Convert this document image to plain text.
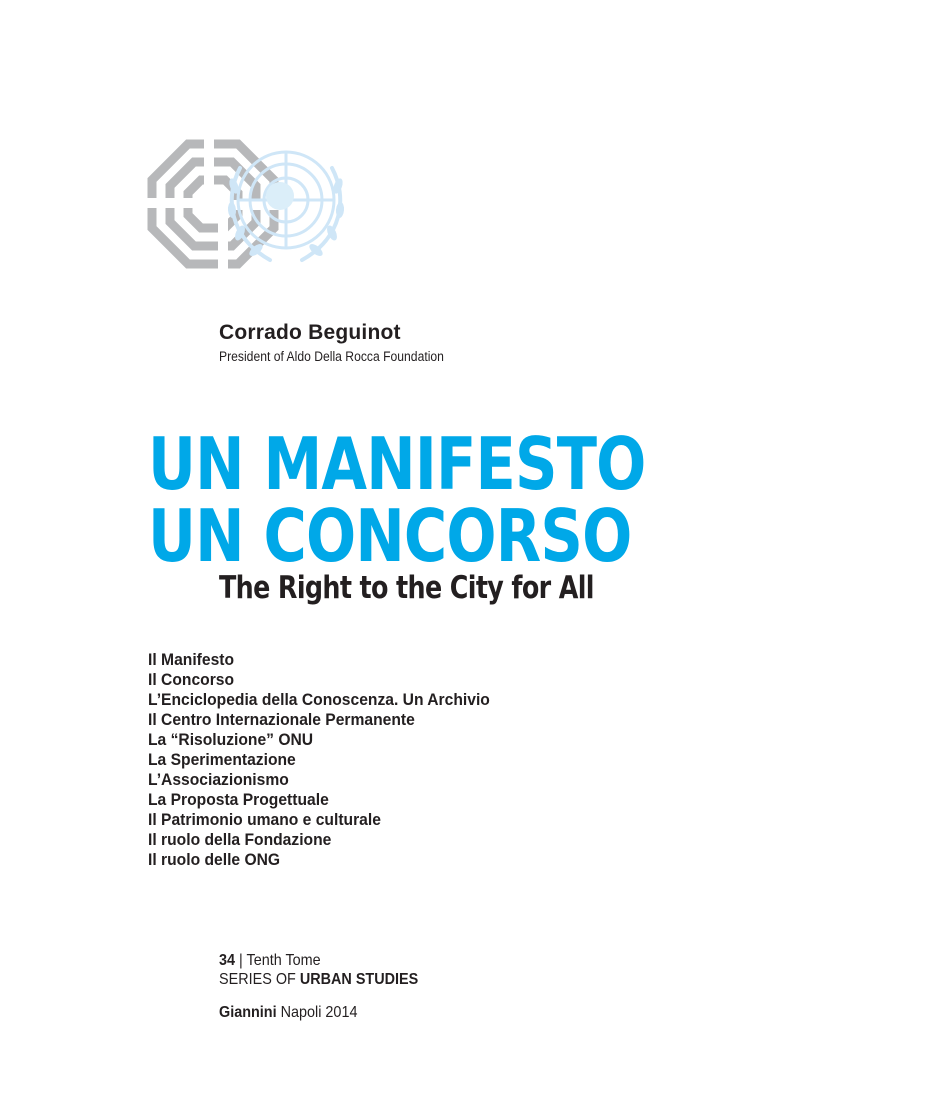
Corrado Beguinot
President of Aldo Della Rocca Foundation
UN MANIFESTO
UN CONCORSO
The Right to the City for All
Il Manifesto
Il Concorso
L’Enciclopedia della Conoscenza. Un Archivio
Il Centro Internazionale Permanente
La “Risoluzione” ONU
La Sperimentazione
L’Associazionismo
La Proposta Progettuale
Il Patrimonio umano e culturale
Il ruolo della Fondazione
Il ruolo delle ONG
34 | Tenth Tome
SERIES OF URBAN STUDIES
Giannini Napoli 2014
